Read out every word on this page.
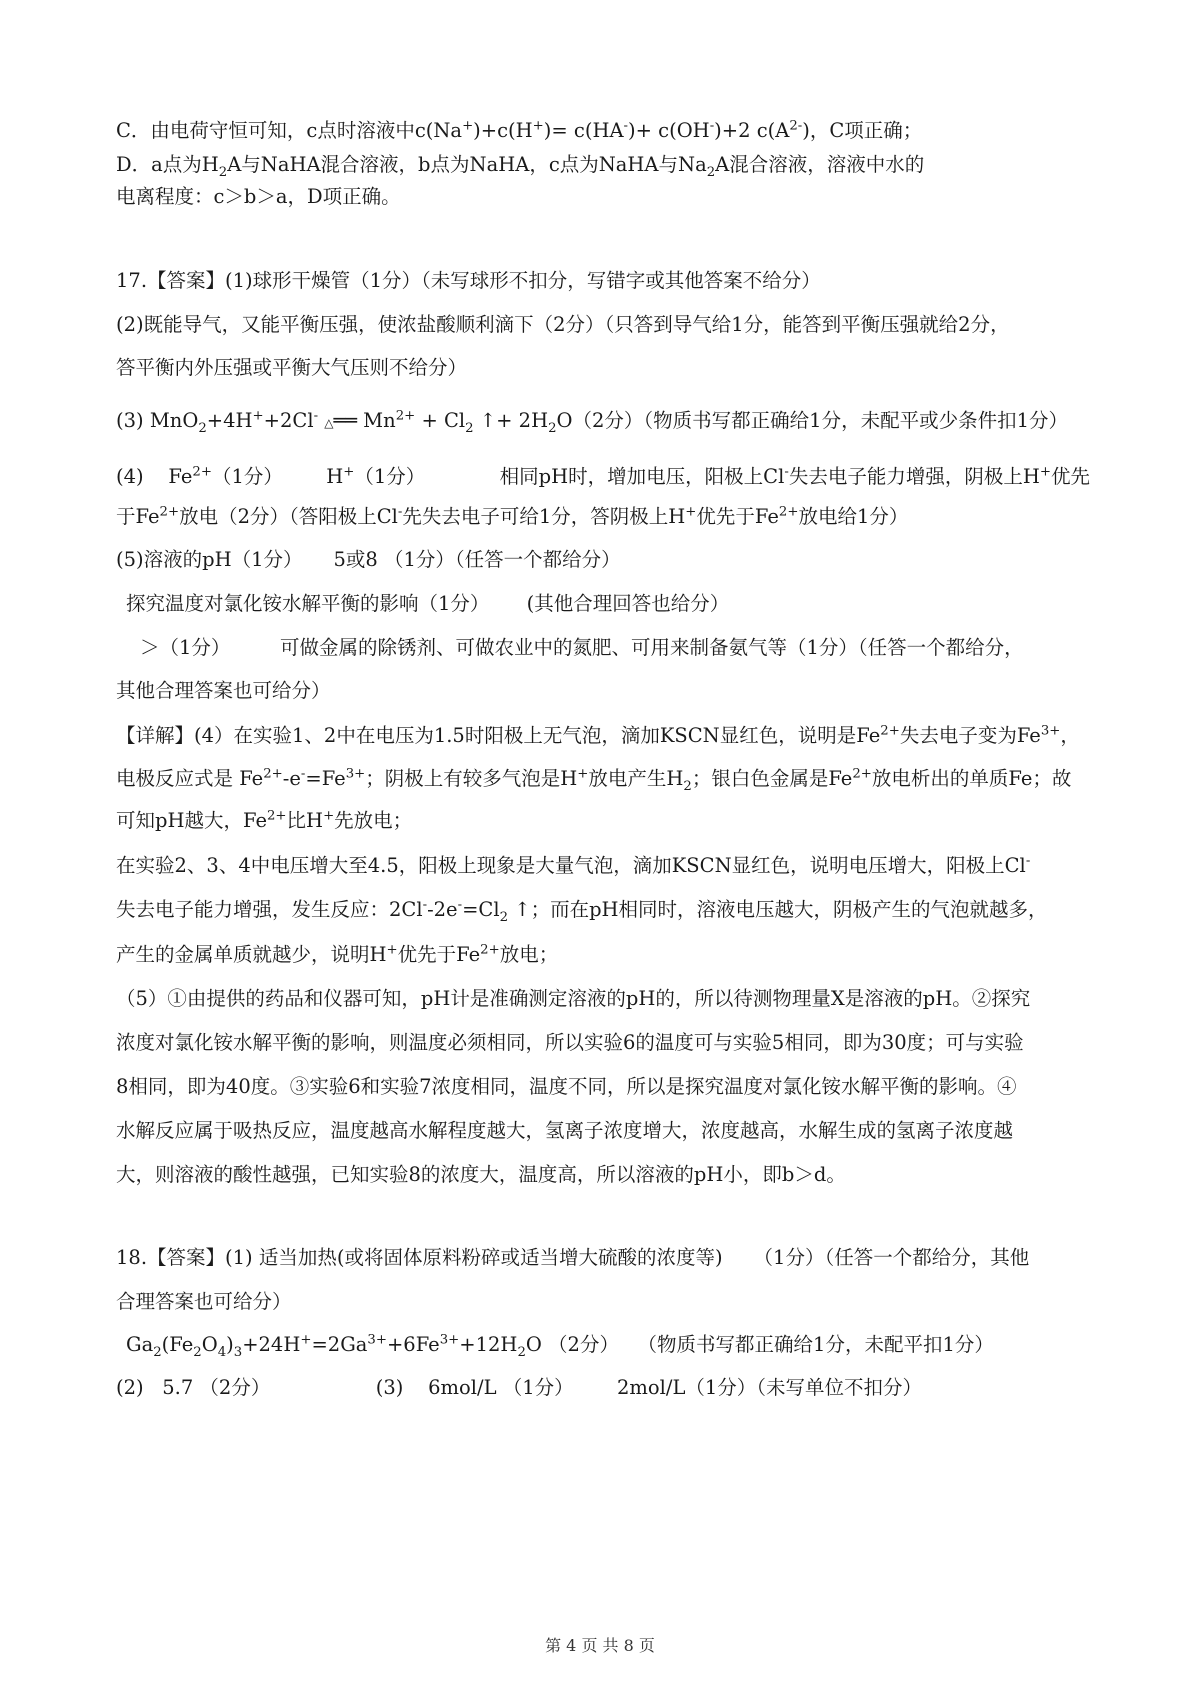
C．由电荷守恒可知，c点时溶液中c(Na+)+c(H+)= c(HA-)+ c(OH-)+2 $c(A^{2-})$，C项正确；
D．a点为$H_2A$与NaHA混合溶液，b点为NaHA，c点为NaHA与$Na_2A$混合溶液，溶液中水的
电离程度：c＞b＞a，D项正确。
17.【答案】(1)球形干燥管（1分）（未写球形不扣分，写错字或其他答案不给分）
(2)既能导气，又能平衡压强，使浓盐酸顺利滴下（2分）（只答到导气给1分，能答到平衡压强就给2分，
答平衡内外压强或平衡大气压则不给分）
(3) MnO$_2$+4H++2Cl- △══ $Mn^{2+} + Cl_2$ ↑+ $2H_2O(2$分）（物质书写都正确给1分，未配平或少条件扣1分）
(4)    $Fe^{2+}(1$分）       H+（1分）            相同pH时，增加电压，阳极上Cl-失去电子能力增强，阴极上H+优先
于$Fe^{2+}$放电（2分）（答阳极上Cl-先失去电子可给1分，答阴极上H+优先于$Fe^{2+}$放电给1分）
(5)溶液的pH（1分）     5或8 （1分）（任答一个都给分）
探究温度对氯化铵水解平衡的影响（1分）      (其他合理回答也给分）
＞（1分）        可做金属的除锈剂、可做农业中的氮肥、可用来制备氨气等（1分）（任答一个都给分，
其他合理答案也可给分）
【详解】(4）在实验1、2中在电压为1.5时阳极上无气泡，滴加KSCN显红色，说明是$Fe^{2+}$失去电子变为$Fe^{3+}$，
电极反应式是 $Fe^{2+}-e^-=Fe^{3+}$；阴极上有较多气泡是H+放电产生$H_2$；银白色金属是$Fe^{2+}$放电析出的单质Fe；故
可知pH越大，$Fe^{2+}$比H+先放电；
在实验2、3、4中电压增大至4.5，阳极上现象是大量气泡，滴加KSCN显红色，说明电压增大，阳极上Cl-
失去电子能力增强，发生反应：$2Cl^--2e^-=Cl_2$ ↑；而在pH相同时，溶液电压越大，阴极产生的气泡就越多，
产生的金属单质就越少，说明H+优先于$Fe^{2+}$放电；
（5）①由提供的药品和仪器可知，pH计是准确测定溶液的pH的，所以待测物理量X是溶液的pH。②探究
浓度对氯化铵水解平衡的影响，则温度必须相同，所以实验6的温度可与实验5相同，即为30度；可与实验
8相同，即为40度。③实验6和实验7浓度相同，温度不同，所以是探究温度对氯化铵水解平衡的影响。④
水解反应属于吸热反应，温度越高水解程度越大，氢离子浓度增大，浓度越高，水解生成的氢离子浓度越
大，则溶液的酸性越强，已知实验8的浓度大，温度高，所以溶液的pH小，即b＞d。
18.【答案】(1) 适当加热(或将固体原料粉碎或适当增大硫酸的浓度等)     （1分）（任答一个都给分，其他
合理答案也可给分）
$Ga_2(Fe_2O_4)_3+24H^+=2Ga^{3+}+6Fe^{3+}+12H_2O$ （2分）   （物质书写都正确给1分，未配平扣1分）
(2)   5.7 （2分）                 (3)    6mol/L （1分）       2mol/L（1分）（未写单位不扣分）
第 4 页 共 8 页
